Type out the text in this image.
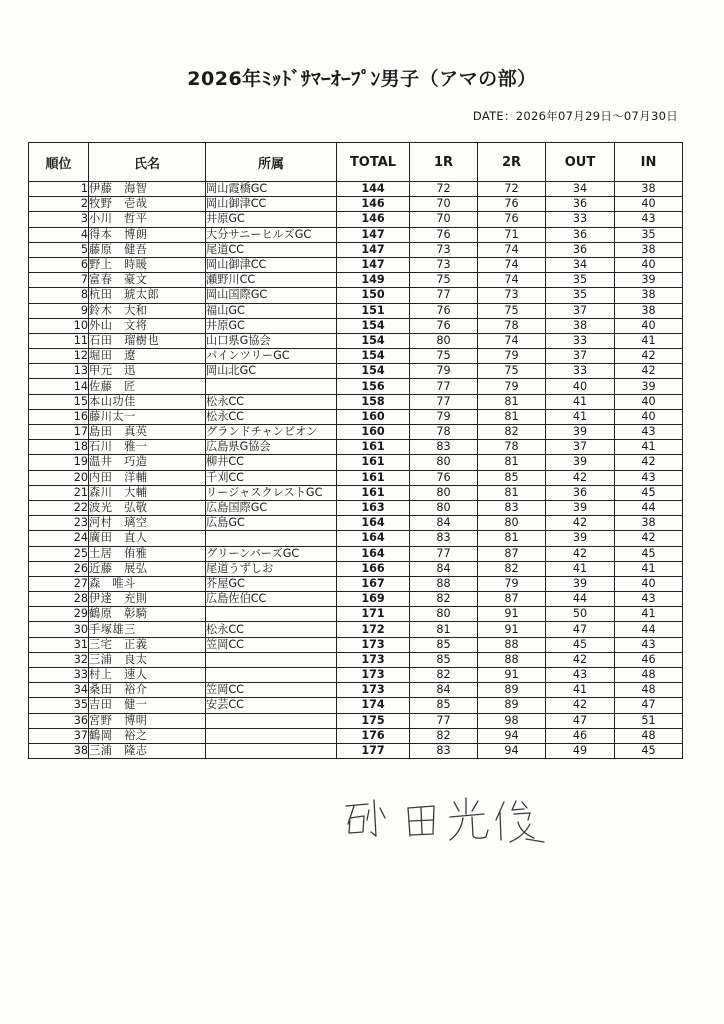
2026年ﾐｯﾄﾞｻﾏｰｵｰﾌﾟﾝ男子（アマの部）
DATE：2026年07月29日～07月30日
順位	氏名	所属	TOTAL	1R	2R	OUT	IN
1	伊藤　海智	岡山霞橋GC	144	72	72	34	38
2	牧野　壱哉	岡山御津CC	146	70	76	36	40
3	小川　哲平	井原GC	146	70	76	33	43
4	得本　博朗	大分サニーヒルズGC	147	76	71	36	35
5	藤原　健吾	尾道CC	147	73	74	36	38
6	野上　時暖	岡山御津CC	147	73	74	34	40
7	富春　豪文	瀬野川CC	149	75	74	35	39
8	杭田　琥太郎	岡山国際GC	150	77	73	35	38
9	鈴木　大和	福山GC	151	76	75	37	38
10	外山　文将	井原GC	154	76	78	38	40
11	石田　瑠樹也	山口県G協会	154	80	74	33	41
12	堀田　遼	パインツリーGC	154	75	79	37	42
13	甲元　迅	岡山北GC	154	79	75	33	42
14	佐藤　匠		156	77	79	40	39
15	本山功佳	松永CC	158	77	81	41	40
16	藤川太一	松永CC	160	79	81	41	40
17	島田　真英	グランドチャンピオン	160	78	82	39	43
18	石川　雅一	広島県G協会	161	83	78	37	41
19	温井　巧造	柳井CC	161	80	81	39	42
20	内田　洋輔	千刈CC	161	76	85	42	43
21	森川　大輔	リージャスクレストGC	161	80	81	36	45
22	波光　弘敬	広島国際GC	163	80	83	39	44
23	河村　璃空	広島GC	164	84	80	42	38
24	廣田　直人		164	83	81	39	42
25	土居　侑雅	グリーンバーズGC	164	77	87	42	45
26	近藤　展弘	尾道うずしお	166	84	82	41	41
27	森　唯斗	芥屋GC	167	88	79	39	40
28	伊達　充則	広島佐伯CC	169	82	87	44	43
29	鶴原　彰騎		171	80	91	50	41
30	手塚雄三	松永CC	172	81	91	47	44
31	三宅　正義	笠岡CC	173	85	88	45	43
32	三浦　良太		173	85	88	42	46
33	村上　速人		173	82	91	43	48
34	桑田　裕介	笠岡CC	173	84	89	41	48
35	吉田　健一	安芸CC	174	85	89	42	47
36	宮野　博明		175	77	98	47	51
37	鶴岡　裕之		176	82	94	46	48
38	三浦　隆志		177	83	94	49	45
